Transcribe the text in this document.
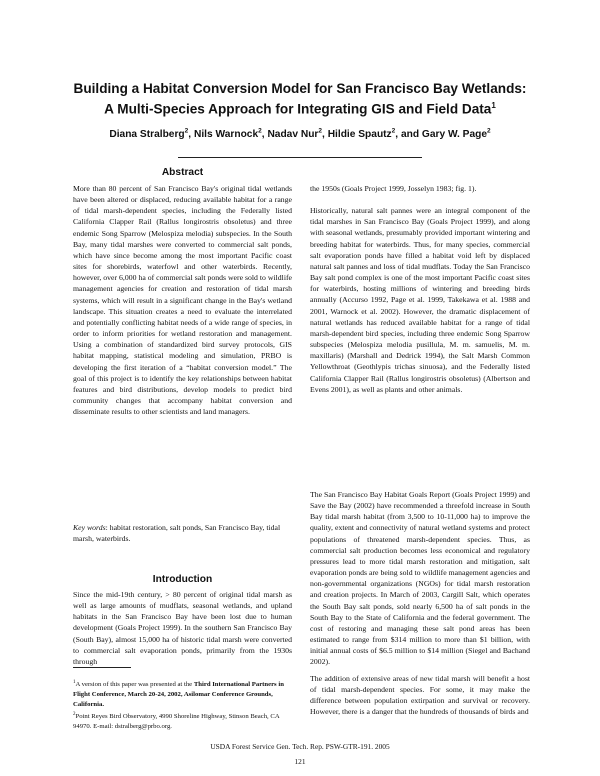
Building a Habitat Conversion Model for San Francisco Bay Wetlands:
A Multi-Species Approach for Integrating GIS and Field Data$^1$
Diana Stralberg$^2$, Nils Warnock$^2$, Nadav Nur$^2$, Hildie Spautz$^2$, and Gary W. Page$^2$
Abstract

More than 80 percent of San Francisco Bay's original tidal wetlands have been altered or displaced, reducing available habitat for a range of tidal marsh-dependent species, including the Federally listed California Clapper Rail (Rallus longirostris obsoletus) and three endemic Song Sparrow (Melospiza melodia) subspecies. In the South Bay, many tidal marshes were converted to commercial salt ponds, which have since become among the most important Pacific coast sites for shorebirds, waterfowl and other waterbirds. Recently, however, over 6,000 ha of commercial salt ponds were sold to wildlife management agencies for creation and restoration of tidal marsh systems, which will result in a significant change in the Bay's wetland landscape. This situation creates a need to evaluate the interrelated and potentially conflicting habitat needs of a wide range of species, in order to inform priorities for wetland restoration and management. Using a combination of standardized bird survey protocols, GIS habitat mapping, statistical modeling and simulation, PRBO is developing the first iteration of a “habitat conversion model.” The goal of this project is to identify the key relationships between habitat features and bird distributions, develop models to predict bird community changes that accompany habitat conversion and disseminate results to other scientists and land managers.

Key words: habitat restoration, salt ponds, San Francisco Bay, tidal marsh, waterbirds.
Introduction

Since the mid-19th century, > 80 percent of original tidal marsh as well as large amounts of mudflats, seasonal wetlands, and upland habitats in the San Francisco Bay have been lost due to human development (Goals Project 1999). In the southern San Francisco Bay (South Bay), almost 15,000 ha of historic tidal marsh were converted to commercial salt evaporation ponds, primarily from the 1930s through

the 1950s (Goals Project 1999, Josselyn 1983; fig. 1).

Historically, natural salt pannes were an integral component of the tidal marshes in San Francisco Bay (Goals Project 1999), and along with seasonal wetlands, presumably provided important wintering and breeding habitat for waterbirds. Thus, for many species, commercial salt evaporation ponds have filled a habitat void left by displaced natural salt pannes and loss of tidal mudflats. Today the San Francisco Bay salt pond complex is one of the most important Pacific coast sites for waterbirds, hosting millions of wintering and breeding birds annually (Accurso 1992, Page et al. 1999, Takekawa et al. 1988 and 2001, Warnock et al. 2002). However, the dramatic displacement of natural wetlands has reduced available habitat for a range of tidal marsh-dependent bird species, including three endemic Song Sparrow subspecies (Melospiza melodia pusillula, M. m. samuelis, M. m. maxillaris) (Marshall and Dedrick 1994), the Salt Marsh Common Yellowthroat (Geothlypis trichas sinuosa), and the Federally listed California Clapper Rail (Rallus longirostris obsoletus) (Albertson and Evens 2001), as well as plants and other animals.

The San Francisco Bay Habitat Goals Report (Goals Project 1999) and Save the Bay (2002) have recommended a threefold increase in South Bay tidal marsh habitat (from 3,500 to 10-11,000 ha) to improve the quality, extent and connectivity of natural wetland systems and protect populations of threatened marsh-dependent species. Thus, as commercial salt production becomes less economical and regulatory pressures lead to more tidal marsh restoration and mitigation, salt evaporation ponds are being sold to wildlife management agencies and non-governmental organizations (NGOs) for tidal marsh restoration and creation projects. In March of 2003, Cargill Salt, which operates the South Bay salt ponds, sold nearly 6,500 ha of salt ponds in the South Bay to the State of California and the federal government. The cost of restoring and managing these salt pond areas has been estimated to range from $314 million to more than $1 billion, with initial annual costs of $6.5 million to $14 million (Siegel and Bachand 2002).

The addition of extensive areas of new tidal marsh will benefit a host of tidal marsh-dependent species. For some, it may make the difference between population extirpation and survival or recovery. However, there is a danger that the hundreds of thousands of birds and

$^1$A version of this paper was presented at the Third International Partners in Flight Conference, March 20-24, 2002, Asilomar Conference Grounds, California.

$^2$Point Reyes Bird Observatory, 4990 Shoreline Highway, Stinson Beach, CA 94970. E-mail: dstralberg@prbo.org.

USDA Forest Service Gen. Tech. Rep. PSW-GTR-191. 2005
121
